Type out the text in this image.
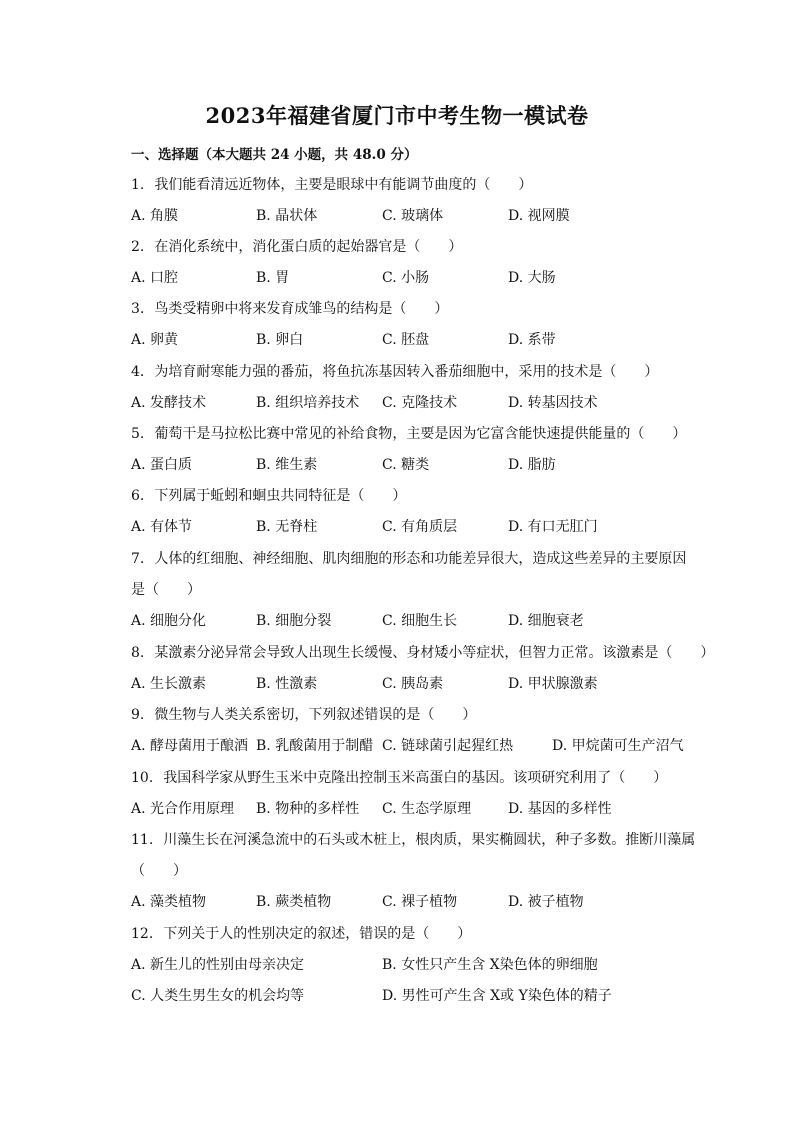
2023年福建省厦门市中考生物一模试卷
一、选择题（本大题共 24 小题，共 48.0 分）
1. 我们能看清远近物体，主要是眼球中有能调节曲度的（　　）
A. 角膜	B. 晶状体	C. 玻璃体	D. 视网膜
2. 在消化系统中，消化蛋白质的起始器官是（　　）
A. 口腔	B. 胃	C. 小肠	D. 大肠
3. 鸟类受精卵中将来发育成雏鸟的结构是（　　）
A. 卵黄	B. 卵白	C. 胚盘	D. 系带
4. 为培育耐寒能力强的番茄，将鱼抗冻基因转入番茄细胞中，采用的技术是（　　）
A. 发酵技术	B. 组织培养技术 C. 克隆技术	D. 转基因技术
5. 葡萄干是马拉松比赛中常见的补给食物，主要是因为它富含能快速提供能量的（　　）
A. 蛋白质	B. 维生素	C. 糖类	D. 脂肪
6. 下列属于蚯蚓和蛔虫共同特征是（　　）
A. 有体节	B. 无脊柱	C. 有角质层	D. 有口无肛门
7. 人体的红细胞、神经细胞、肌肉细胞的形态和功能差异很大，造成这些差异的主要原因
是（　　）
A. 细胞分化	B. 细胞分裂	C. 细胞生长	D. 细胞衰老
8. 某激素分泌异常会导致人出现生长缓慢、身材矮小等症状，但智力正常。该激素是（　　）
A. 生长激素	B. 性激素	C. 胰岛素	D. 甲状腺激素
9. 微生物与人类关系密切，下列叙述错误的是（　　）
A. 酵母菌用于酿酒 B. 乳酸菌用于制醋 C. 链球菌引起猩红热	D. 甲烷菌可生产沼气
10. 我国科学家从野生玉米中克隆出控制玉米高蛋白的基因。该项研究利用了（　　）
A. 光合作用原理 B. 物种的多样性 C. 生态学原理	D. 基因的多样性
11. 川藻生长在河溪急流中的石头或木桩上，根肉质，果实椭圆状，种子多数。推断川藻属
（　　）
A. 藻类植物	B. 蕨类植物	C. 裸子植物	D. 被子植物
12. 下列关于人的性别决定的叙述，错误的是（　　）
A. 新生儿的性别由母亲决定	B. 女性只产生含 X染色体的卵细胞
C. 人类生男生女的机会均等	D. 男性可产生含 X或 Y染色体的精子
